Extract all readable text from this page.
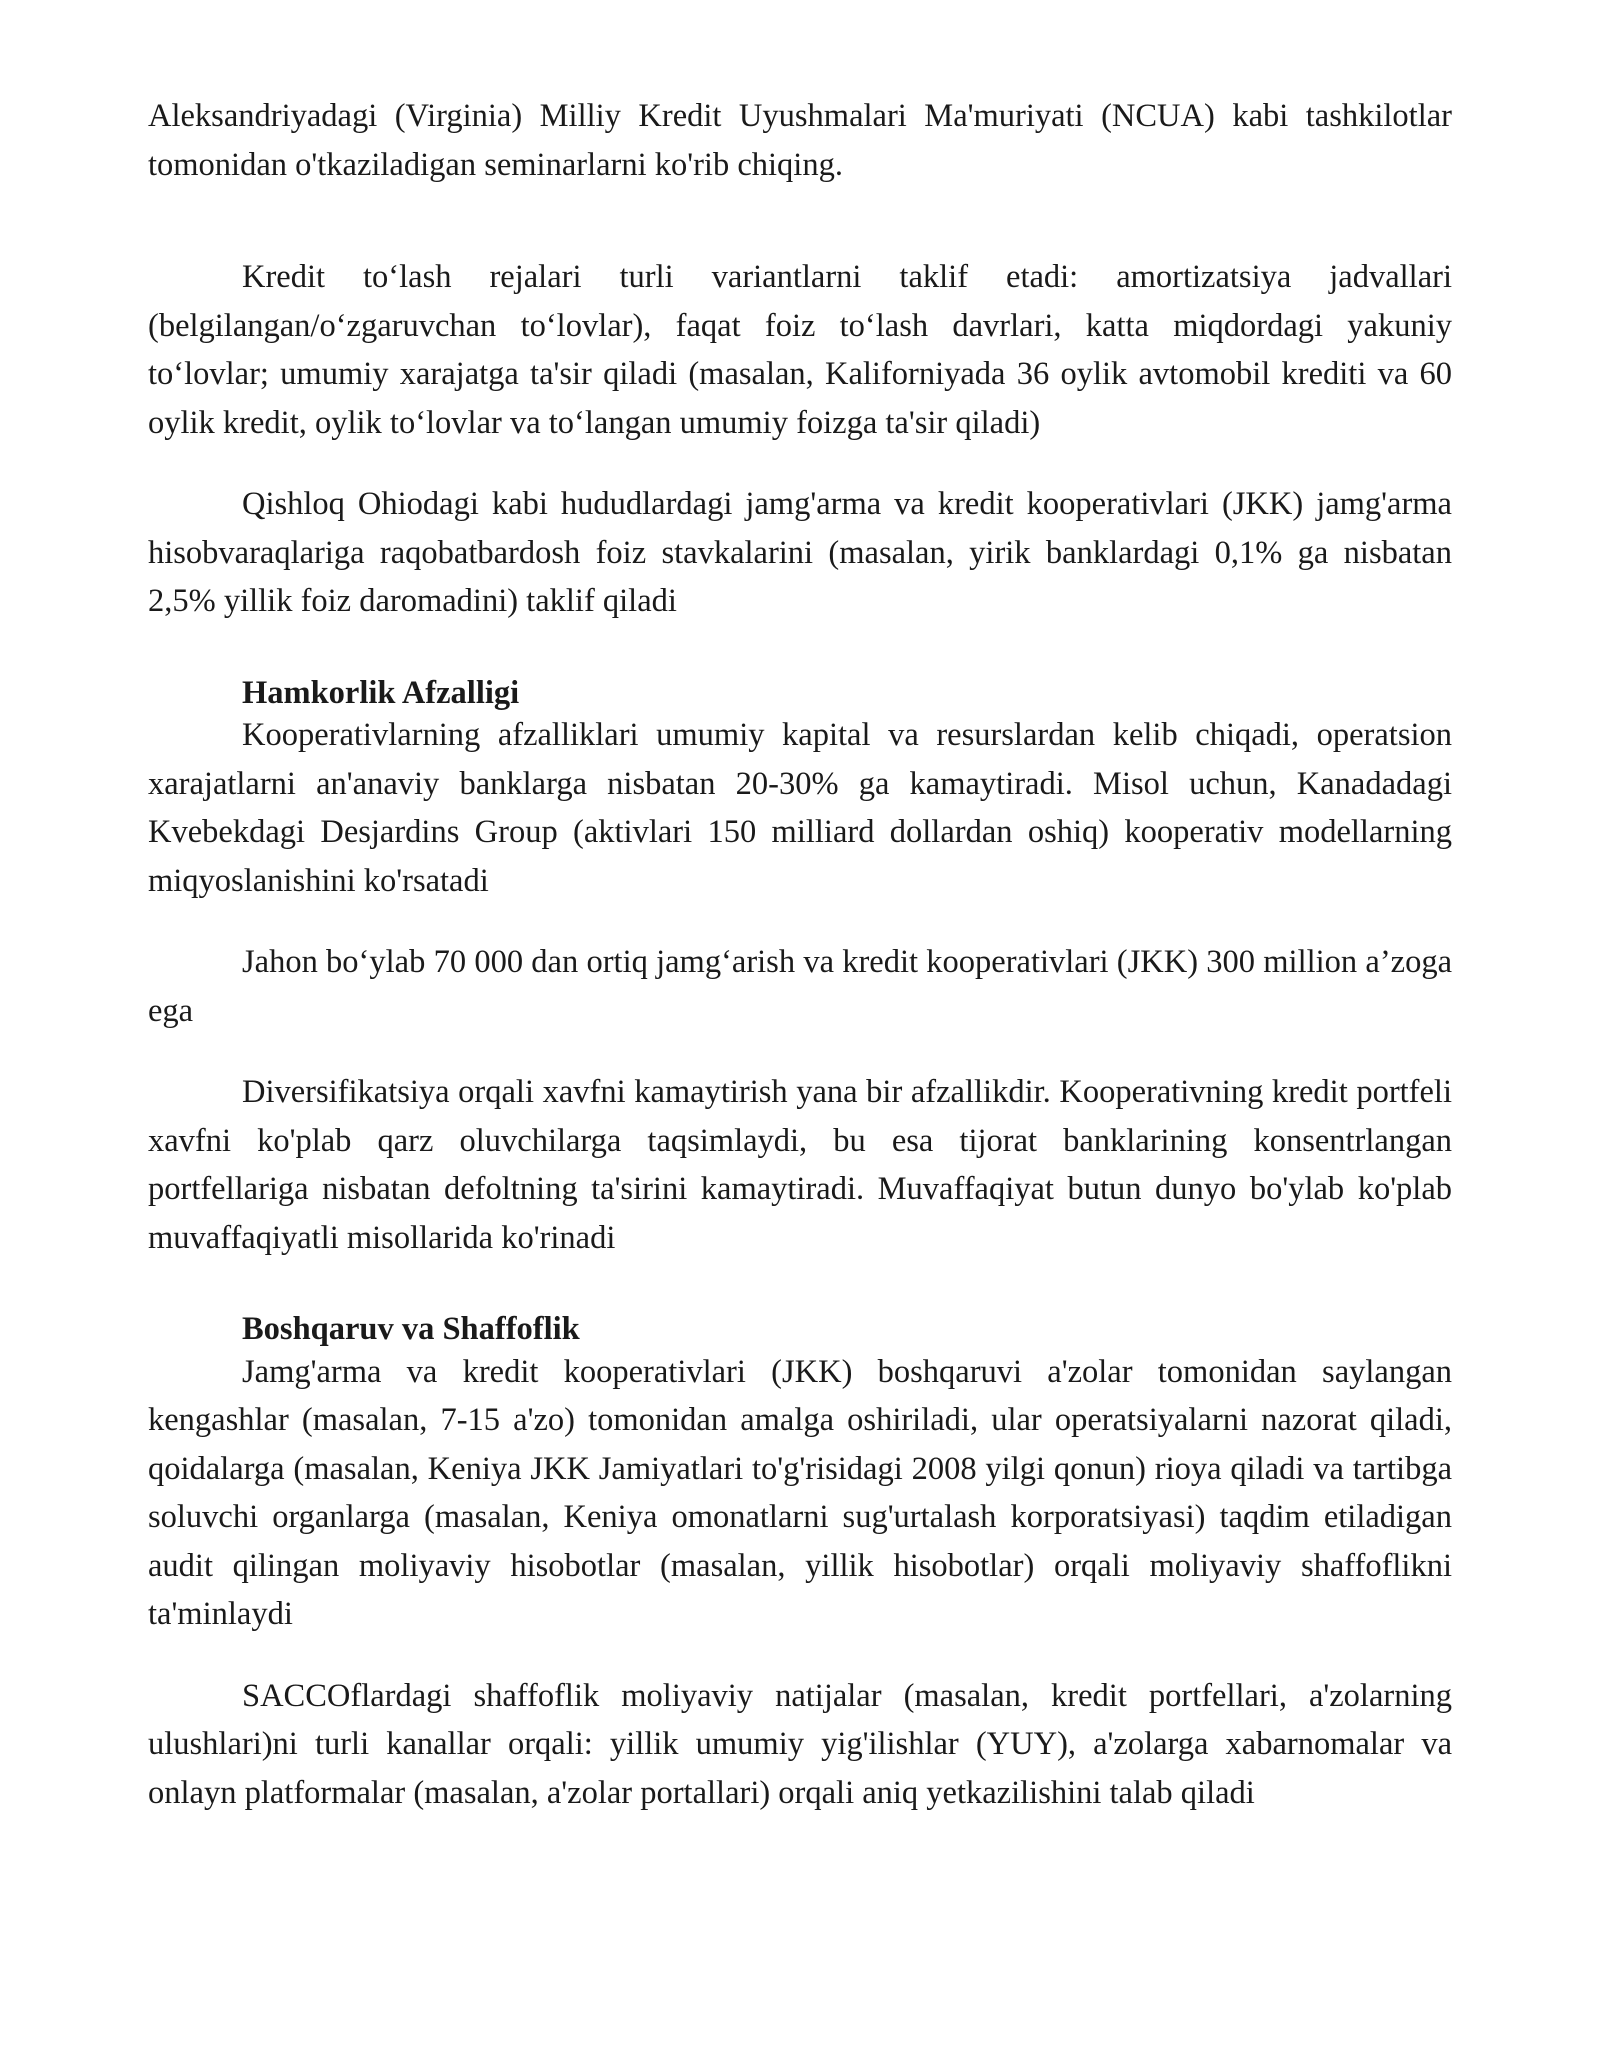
Aleksandriyadagi (Virginia) Milliy Kredit Uyushmalari Ma'muriyati (NCUA) kabi tashkilotlar tomonidan o'tkaziladigan seminarlarni ko'rib chiqing.

Kredit to‘lash rejalari turli variantlarni taklif etadi: amortizatsiya jadvallari (belgilangan/o‘zgaruvchan to‘lovlar), faqat foiz to‘lash davrlari, katta miqdordagi yakuniy to‘lovlar; umumiy xarajatga ta'sir qiladi (masalan, Kaliforniyada 36 oylik avtomobil krediti va 60 oylik kredit, oylik to‘lovlar va to‘langan umumiy foizga ta'sir qiladi)

Qishloq Ohiodagi kabi hududlardagi jamg'arma va kredit kooperativlari (JKK) jamg'arma hisobvaraqlariga raqobatbardosh foiz stavkalarini (masalan, yirik banklardagi 0,1% ga nisbatan 2,5% yillik foiz daromadini) taklif qiladi

Hamkorlik Afzalligi

Kooperativlarning afzalliklari umumiy kapital va resurslardan kelib chiqadi, operatsion xarajatlarni an'anaviy banklarga nisbatan 20-30% ga kamaytiradi. Misol uchun, Kanadadagi Kvebekdagi Desjardins Group (aktivlari 150 milliard dollardan oshiq) kooperativ modellarning miqyoslanishini ko'rsatadi

Jahon bo‘ylab 70 000 dan ortiq jamg‘arish va kredit kooperativlari (JKK) 300 million a’zoga ega

Diversifikatsiya orqali xavfni kamaytirish yana bir afzallikdir. Kooperativning kredit portfeli xavfni ko'plab qarz oluvchilarga taqsimlaydi, bu esa tijorat banklarining konsentrlangan portfellariga nisbatan defoltning ta'sirini kamaytiradi. Muvaffaqiyat butun dunyo bo'ylab ko'plab muvaffaqiyatli misollarida ko'rinadi

Boshqaruv va Shaffoflik

Jamg'arma va kredit kooperativlari (JKK) boshqaruvi a'zolar tomonidan saylangan kengashlar (masalan, 7-15 a'zo) tomonidan amalga oshiriladi, ular operatsiyalarni nazorat qiladi, qoidalarga (masalan, Keniya JKK Jamiyatlari to'g'risidagi 2008 yilgi qonun) rioya qiladi va tartibga soluvchi organlarga (masalan, Keniya omonatlarni sug'urtalash korporatsiyasi) taqdim etiladigan audit qilingan moliyaviy hisobotlar (masalan, yillik hisobotlar) orqali moliyaviy shaffoflikni ta'minlaydi

SACCOflardagi shaffoflik moliyaviy natijalar (masalan, kredit portfellari, a'zolarning ulushlari)ni turli kanallar orqali: yillik umumiy yig'ilishlar (YUY), a'zolarga xabarnomalar va onlayn platformalar (masalan, a'zolar portallari) orqali aniq yetkazilishini talab qiladi
